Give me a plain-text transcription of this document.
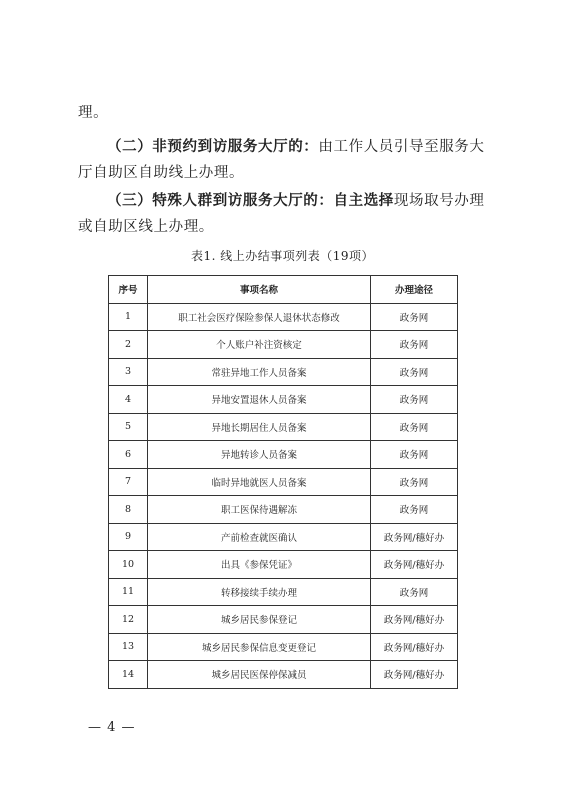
理。
（二）非预约到访服务大厅的：由工作人员引导至服务大厅自助区自助线上办理。
（三）特殊人群到访服务大厅的：自主选择现场取号办理或自助区线上办理。
表1. 线上办结事项列表（19项）
序号	事项名称	办理途径
1	职工社会医疗保险参保人退休状态修改	政务网
2	个人账户补注资核定	政务网
3	常驻异地工作人员备案	政务网
4	异地安置退休人员备案	政务网
5	异地长期居住人员备案	政务网
6	异地转诊人员备案	政务网
7	临时异地就医人员备案	政务网
8	职工医保待遇解冻	政务网
9	产前检查就医确认	政务网/穗好办
10	出具《参保凭证》	政务网/穗好办
11	转移接续手续办理	政务网
12	城乡居民参保登记	政务网/穗好办
13	城乡居民参保信息变更登记	政务网/穗好办
14	城乡居民医保停保减员	政务网/穗好办
— 4 —
